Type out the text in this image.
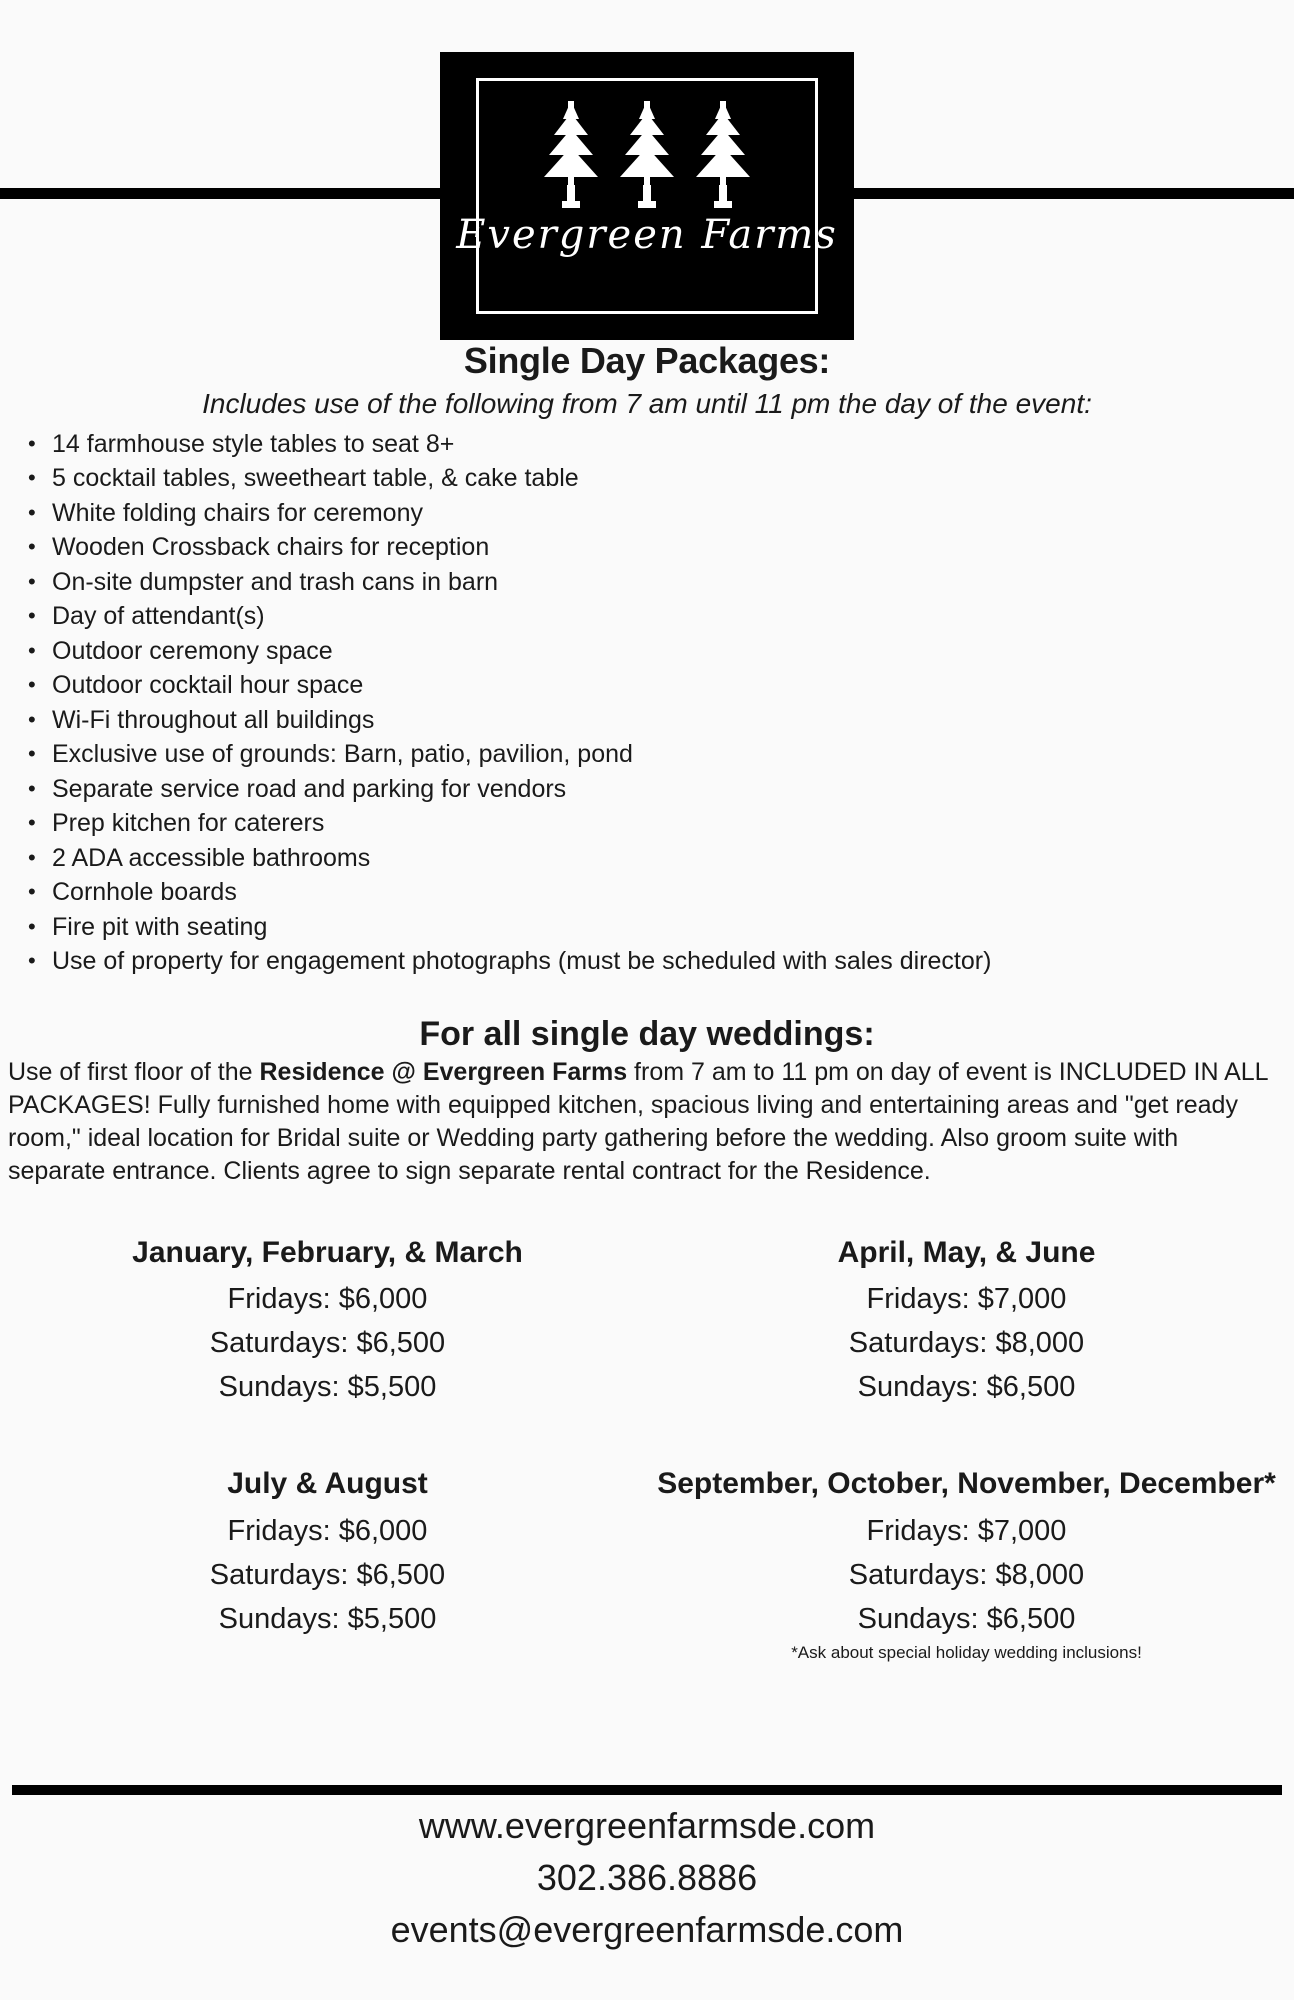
Evergreen Farms
Single Day Packages:
Includes use of the following from 7 am until 11 pm the day of the event:
• 14 farmhouse style tables to seat 8+
• 5 cocktail tables, sweetheart table, & cake table
• White folding chairs for ceremony
• Wooden Crossback chairs for reception
• On-site dumpster and trash cans in barn
• Day of attendant(s)
• Outdoor ceremony space
• Outdoor cocktail hour space
• Wi-Fi throughout all buildings
• Exclusive use of grounds: Barn, patio, pavilion, pond
• Separate service road and parking for vendors
• Prep kitchen for caterers
• 2 ADA accessible bathrooms
• Cornhole boards
• Fire pit with seating
• Use of property for engagement photographs (must be scheduled with sales director)
For all single day weddings:

Use of first floor of the Residence @ Evergreen Farms from 7 am to 11 pm on day of event is INCLUDED IN ALL PACKAGES! Fully furnished home with equipped kitchen, spacious living and entertaining areas and "get ready room," ideal location for Bridal suite or Wedding party gathering before the wedding. Also groom suite with separate entrance. Clients agree to sign separate rental contract for the Residence.

January, February, & March
Fridays: $6,000
Saturdays: $6,500
Sundays: $5,500
April, May, & June
Fridays: $7,000
Saturdays: $8,000
Sundays: $6,500
July & August
Fridays: $6,000
Saturdays: $6,500
Sundays: $5,500
September, October, November, December*
Fridays: $7,000
Saturdays: $8,000
Sundays: $6,500
*Ask about special holiday wedding inclusions!
www.evergreenfarmsde.com
302.386.8886
events@evergreenfarmsde.com
